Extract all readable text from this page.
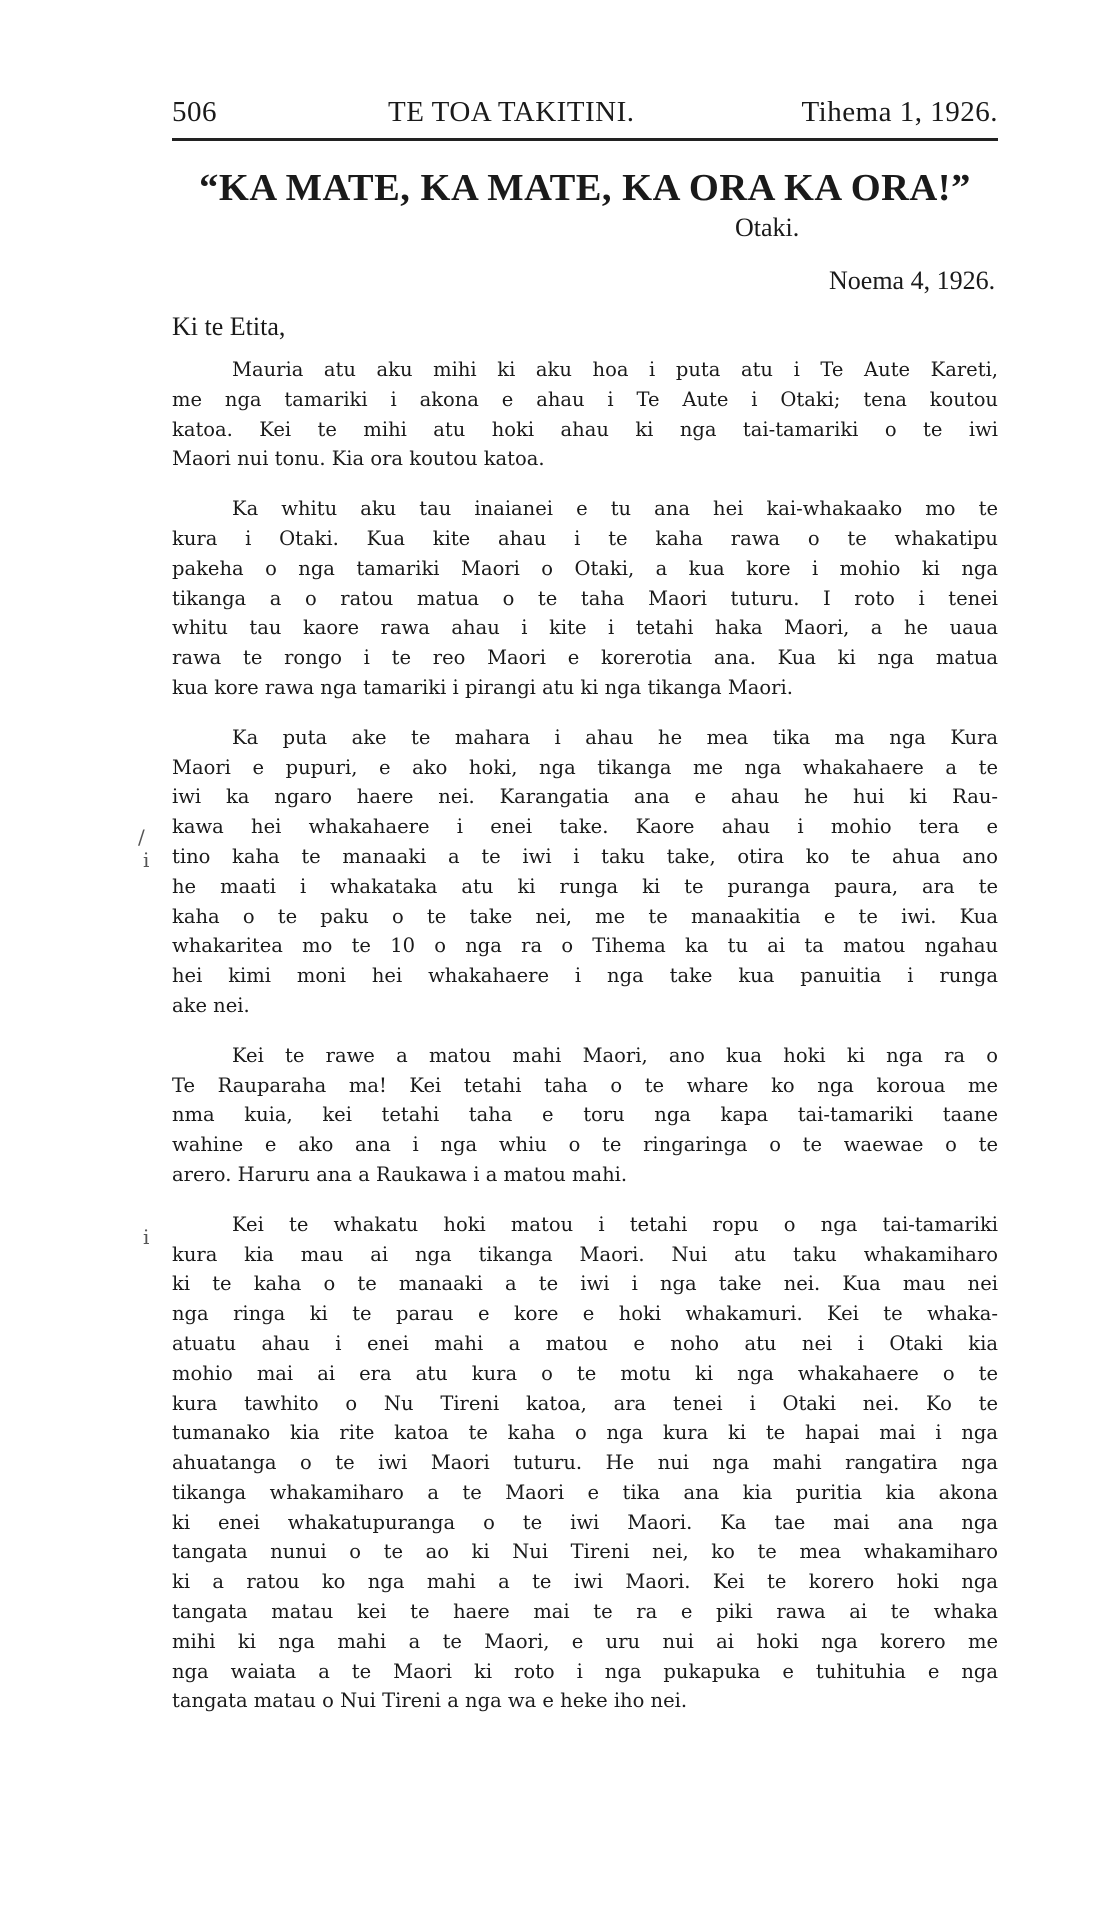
506	TE TOA TAKITINI.	Tihema 1, 1926.
“KA MATE, KA MATE, KA ORA KA ORA!”
Otaki.
Noema 4, 1926.
Ki te Etita,
Mauria atu aku mihi ki aku hoa i puta atu i Te Aute Kareti,
me nga tamariki i akona e ahau i Te Aute i Otaki; tena koutou
katoa. Kei te mihi atu hoki ahau ki nga tai-tamariki o te iwi
Maori nui tonu. Kia ora koutou katoa.
Ka whitu aku tau inaianei e tu ana hei kai-whakaako mo te
kura i Otaki. Kua kite ahau i te kaha rawa o te whakatipu
pakeha o nga tamariki Maori o Otaki, a kua kore i mohio ki nga
tikanga a o ratou matua o te taha Maori tuturu. I roto i tenei
whitu tau kaore rawa ahau i kite i tetahi haka Maori, a he uaua
rawa te rongo i te reo Maori e korerotia ana. Kua ki nga matua
kua kore rawa nga tamariki i pirangi atu ki nga tikanga Maori.
Ka puta ake te mahara i ahau he mea tika ma nga Kura
Maori e pupuri, e ako hoki, nga tikanga me nga whakahaere a te
iwi ka ngaro haere nei. Karangatia ana e ahau he hui ki Rau-
kawa hei whakahaere i enei take. Kaore ahau i mohio tera e
tino kaha te manaaki a te iwi i taku take, otira ko te ahua ano
he maati i whakataka atu ki runga ki te puranga paura, ara te
kaha o te paku o te take nei, me te manaakitia e te iwi. Kua
whakaritea mo te 10 o nga ra o Tihema ka tu ai ta matou ngahau
hei kimi moni hei whakahaere i nga take kua panuitia i runga
ake nei.
Kei te rawe a matou mahi Maori, ano kua hoki ki nga ra o
Te Rauparaha ma! Kei tetahi taha o te whare ko nga koroua me
nma kuia, kei tetahi taha e toru nga kapa tai-tamariki taane
wahine e ako ana i nga whiu o te ringaringa o te waewae o te
arero. Haruru ana a Raukawa i a matou mahi.
Kei te whakatu hoki matou i tetahi ropu o nga tai-tamariki
kura kia mau ai nga tikanga Maori. Nui atu taku whakamiharo
ki te kaha o te manaaki a te iwi i nga take nei. Kua mau nei
nga ringa ki te parau e kore e hoki whakamuri. Kei te whaka-
atuatu ahau i enei mahi a matou e noho atu nei i Otaki kia
mohio mai ai era atu kura o te motu ki nga whakahaere o te
kura tawhito o Nu Tireni katoa, ara tenei i Otaki nei. Ko te
tumanako kia rite katoa te kaha o nga kura ki te hapai mai i nga
ahuatanga o te iwi Maori tuturu. He nui nga mahi rangatira nga
tikanga whakamiharo a te Maori e tika ana kia puritia kia akona
ki enei whakatupuranga o te iwi Maori. Ka tae mai ana nga
tangata nunui o te ao ki Nui Tireni nei, ko te mea whakamiharo
ki a ratou ko nga mahi a te iwi Maori. Kei te korero hoki nga
tangata matau kei te haere mai te ra e piki rawa ai te whaka
mihi ki nga mahi a te Maori, e uru nui ai hoki nga korero me
nga waiata a te Maori ki roto i nga pukapuka e tuhituhia e nga
tangata matau o Nui Tireni a nga wa e heke iho nei.
/
i
i
